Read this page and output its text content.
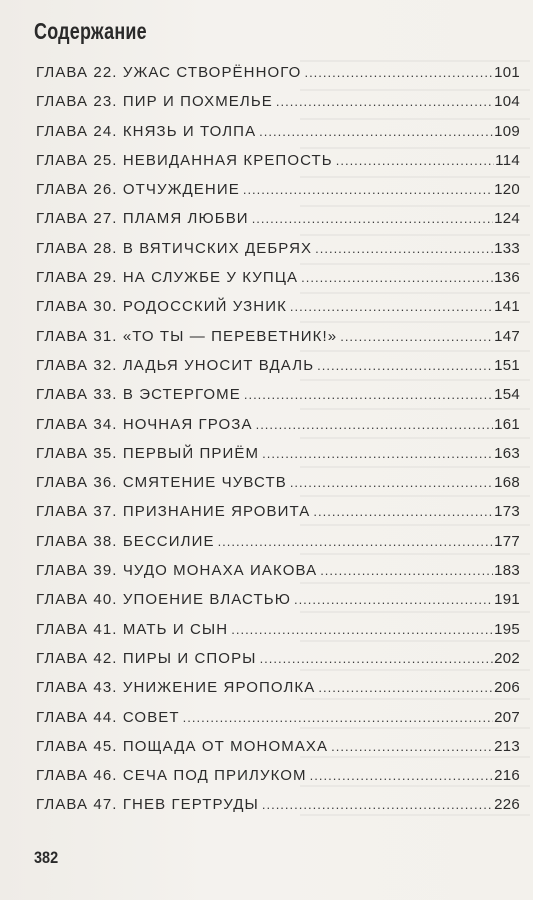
Содержание
ГЛАВА 22. УЖАС СТВОРЁННОГО .....	101
ГЛАВА 23. ПИР И ПОХМЕЛЬЕ .....	104
ГЛАВА 24. КНЯЗЬ И ТОЛПА .....	109
ГЛАВА 25. НЕВИДАННАЯ КРЕПОСТЬ .....	114
ГЛАВА 26. ОТЧУЖДЕНИЕ .....	120
ГЛАВА 27. ПЛАМЯ ЛЮБВИ .....	124
ГЛАВА 28. В ВЯТИЧСКИХ ДЕБРЯХ .....	133
ГЛАВА 29. НА СЛУЖБЕ У КУПЦА .....	136
ГЛАВА 30. РОДОССКИЙ УЗНИК .....	141
ГЛАВА 31. «ТО ТЫ — ПЕРЕВЕТНИК!» .....	147
ГЛАВА 32. ЛАДЬЯ УНОСИТ ВДАЛЬ .....	151
ГЛАВА 33. В ЭСТЕРГОМЕ .....	154
ГЛАВА 34. НОЧНАЯ ГРОЗА .....	161
ГЛАВА 35. ПЕРВЫЙ ПРИЁМ .....	163
ГЛАВА 36. СМЯТЕНИЕ ЧУВСТВ .....	168
ГЛАВА 37. ПРИЗНАНИЕ ЯРОВИТА .....	173
ГЛАВА 38. БЕССИЛИЕ .....	177
ГЛАВА 39. ЧУДО МОНАХА ИАКОВА .....	183
ГЛАВА 40. УПОЕНИЕ ВЛАСТЬЮ .....	191
ГЛАВА 41. МАТЬ И СЫН .....	195
ГЛАВА 42. ПИРЫ И СПОРЫ .....	202
ГЛАВА 43. УНИЖЕНИЕ ЯРОПОЛКА .....	206
ГЛАВА 44. СОВЕТ .....	207
ГЛАВА 45. ПОЩАДА ОТ МОНОМАХА .....	213
ГЛАВА 46. СЕЧА ПОД ПРИЛУКОМ .....	216
ГЛАВА 47. ГНЕВ ГЕРТРУДЫ .....	226
382
